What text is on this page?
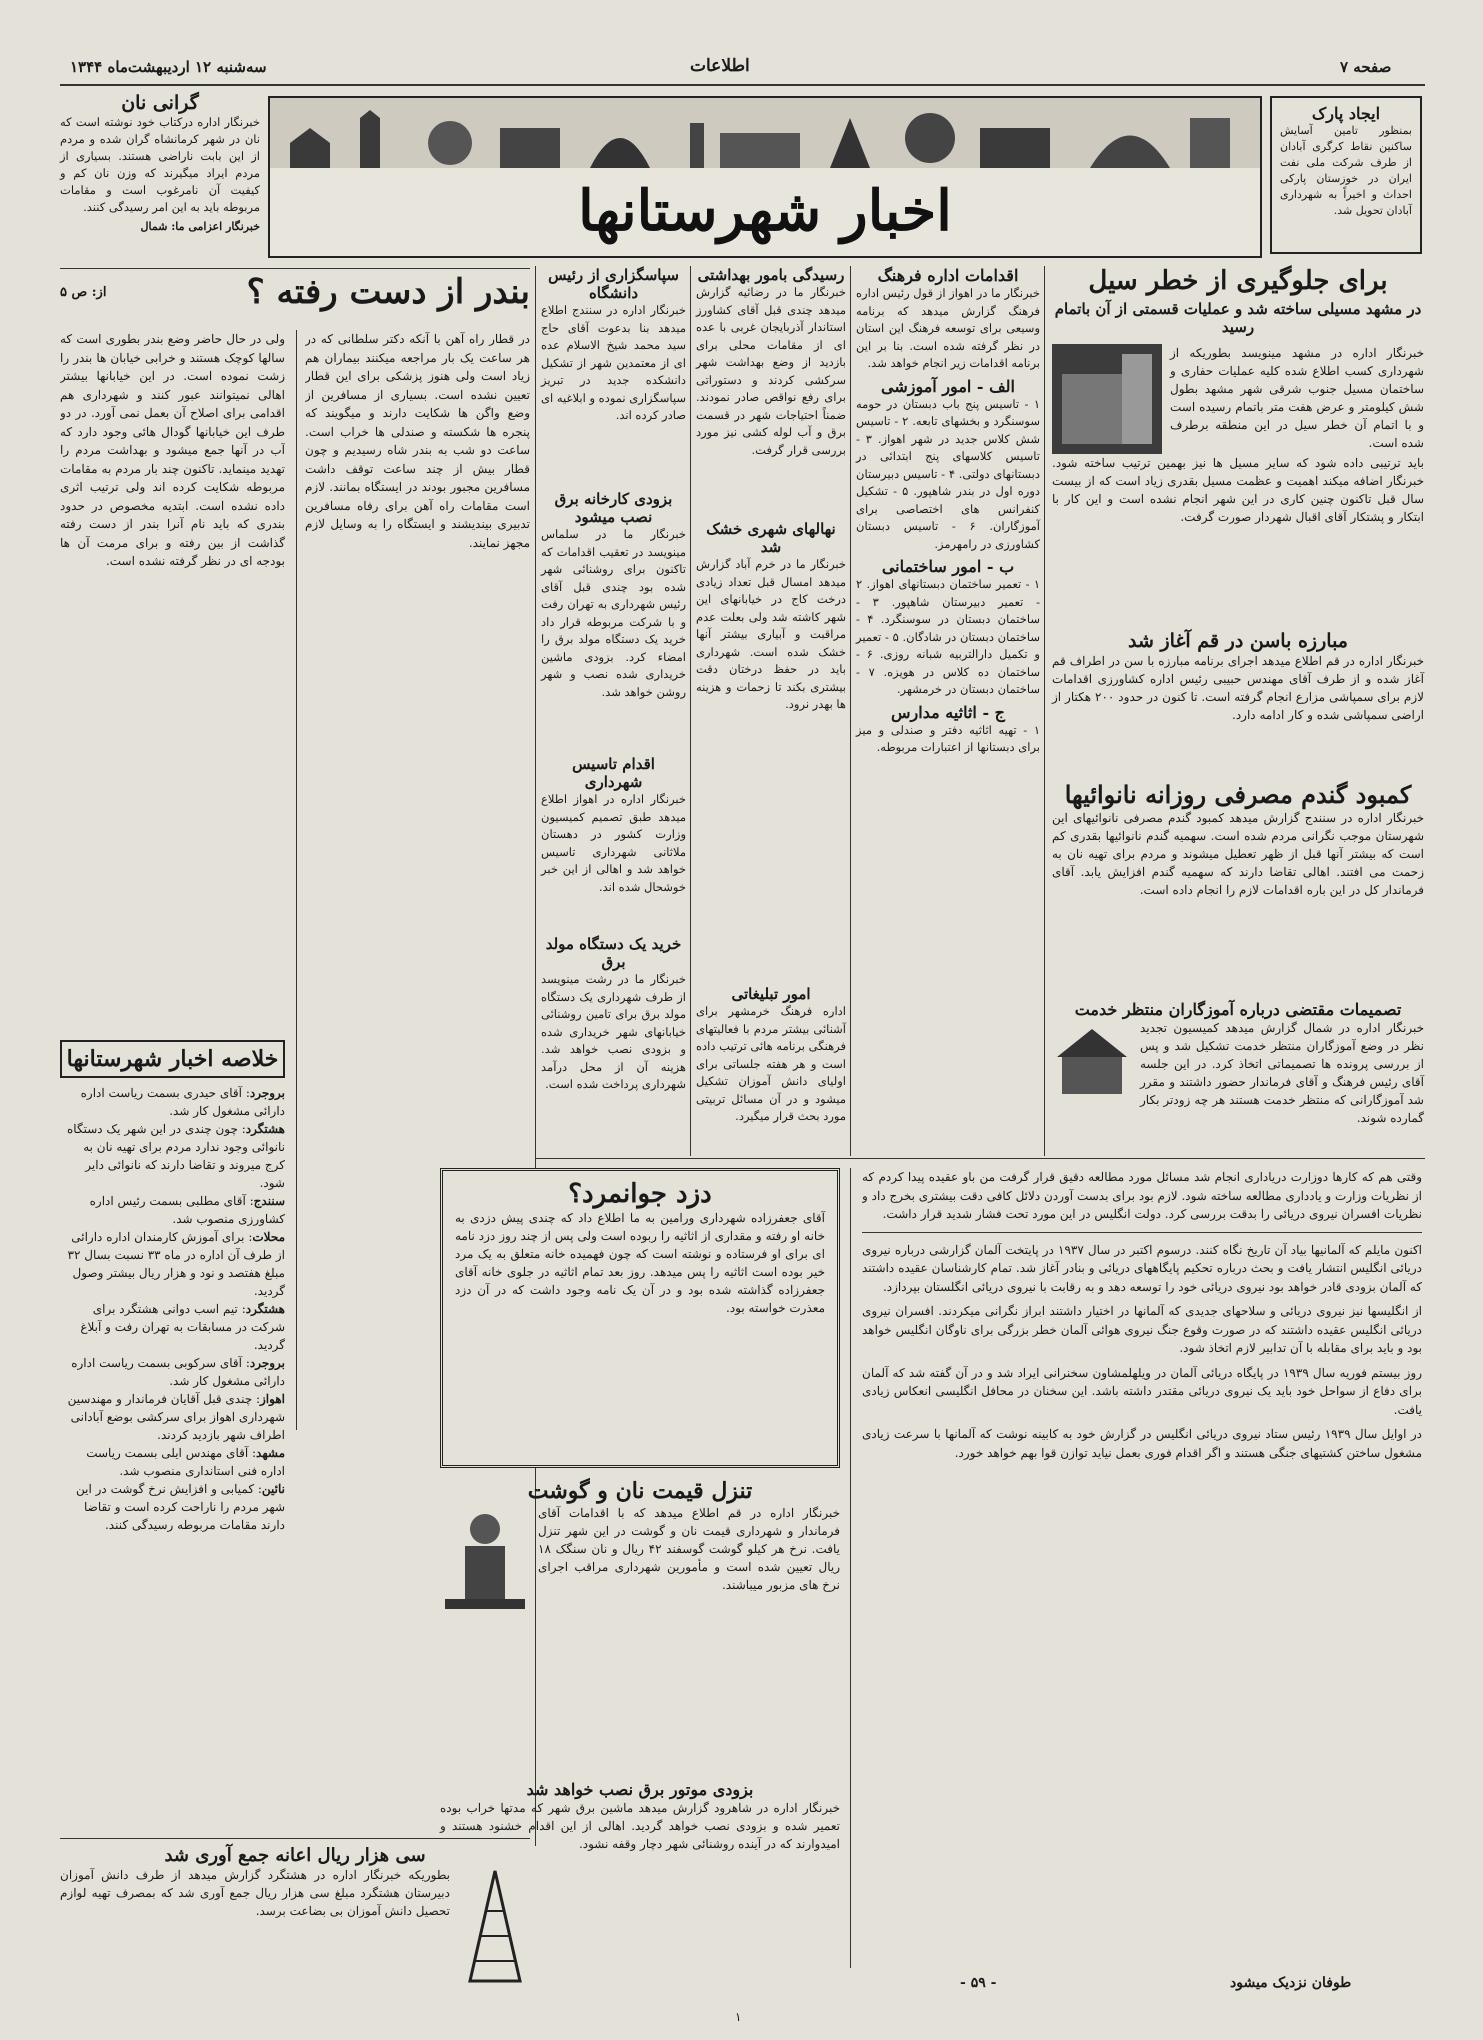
سه‌شنبه ۱۲ اردیبهشت‌ماه ۱۳۴۴	اطلاعات	صفحه ۷
ایجاد پارک
بمنظور تامین آسایش ساکنین نقاط کرگری آبادان از طرف شرکت ملی نفت ایران در خوزستان پارکی احداث و اخیراً به شهرداری آبادان تحویل شد.
اخبار شهرستانها
گرانی نان
خبرنگار اداره درکتاب خود نوشته است که نان در شهر کرمانشاه گران شده و مردم از این بابت ناراضی هستند. بسیاری از مردم ایراد میگیرند که وزن نان کم و کیفیت آن نامرغوب است و مقامات مربوطه باید به این امر رسیدگی کنند.
خبرنگار اعزامی ما: شمال
بندر از دست رفته ؟
از: ص ۵
ولی در حال حاضر وضع بندر بطوری است که سالها کوچک هستند و خرابی خیابان ها بندر را زشت نموده است. در این خیابانها بیشتر اهالی نمیتوانند عبور کنند و شهرداری هم اقدامی برای اصلاح آن بعمل نمی آورد. در دو طرف این خیابانها گودال هائی وجود دارد که آب در آنها جمع میشود و بهداشت مردم را تهدید مینماید. تاکنون چند بار مردم به مقامات مربوطه شکایت کرده اند ولی ترتیب اثری داده نشده است. ابتدیه مخصوص در حدود بندری که باید نام آنرا بندر از دست رفته گذاشت از بین رفته و برای مرمت آن ها بودجه ای در نظر گرفته نشده است.
در قطار راه آهن با آنکه دکتر سلطانی که در هر ساعت یک بار مراجعه میکنند بیماران هم زیاد است ولی هنوز پزشکی برای این قطار تعیین نشده است. بسیاری از مسافرین از وضع واگن ها شکایت دارند و میگویند که پنجره ها شکسته و صندلی ها خراب است. ساعت دو شب به بندر شاه رسیدیم و چون قطار بیش از چند ساعت توقف داشت مسافرین مجبور بودند در ایستگاه بمانند. لازم است مقامات راه آهن برای رفاه مسافرین تدبیری بیندیشند و ایستگاه را به وسایل لازم مجهز نمایند.
خلاصه اخبار شهرستانها
بروجرد: آقای حیدری بسمت ریاست اداره دارائی مشغول کار شد.
هشتگرد: چون چندی در این شهر یک دستگاه نانوائی وجود ندارد مردم برای تهیه نان به کرج میروند و تقاضا دارند که نانوائی دایر شود.
سنندج: آقای مطلبی بسمت رئیس اداره کشاورزی منصوب شد.
محلات: برای آموزش کارمندان اداره دارائی از طرف آن اداره در ماه ۳۳ نسبت بسال ۳۲ مبلغ هفتصد و نود و هزار ریال بیشتر وصول گردید.
هشتگرد: تیم اسب دوانی هشتگرد برای شرکت در مسابقات به تهران رفت و آبلاغ گردید.
بروجرد: آقای سرکوبی بسمت ریاست اداره دارائی مشغول کار شد.
اهواز: چندی قبل آقایان فرماندار و مهندسین شهرداری اهواز برای سرکشی بوضع آبادانی اطراف شهر بازدید کردند.
مشهد: آقای مهندس ایلی بسمت ریاست اداره فنی استانداری منصوب شد.
نائین: کمیابی و افزایش نرخ گوشت در این شهر مردم را ناراحت کرده است و تقاضا دارند مقامات مربوطه رسیدگی کنند.
سی هزار ریال اعانه جمع آوری شد
بطوریکه خبرنگار اداره در هشتگرد گزارش میدهد از طرف دانش آموزان دبیرستان هشتگرد مبلغ سی هزار ریال جمع آوری شد که بمصرف تهیه لوازم تحصیل دانش آموزان بی بضاعت برسد.
برای جلوگیری از خطر سیل
در مشهد مسیلی ساخته شد و عملیات قسمتی از آن باتمام رسید
خبرنگار اداره در مشهد مینویسد بطوریکه از شهرداری کسب اطلاع شده کلیه عملیات حفاری و ساختمان مسیل جنوب شرقی شهر مشهد بطول شش کیلومتر و عرض هفت متر باتمام رسیده است و با اتمام آن خطر سیل در این منطقه برطرف شده است.
باید ترتیبی داده شود که سایر مسیل ها نیز بهمین ترتیب ساخته شود. خبرنگار اضافه میکند اهمیت و عظمت مسیل بقدری زیاد است که از بیست سال قبل تاکنون چنین کاری در این شهر انجام نشده است و این کار با ابتکار و پشتکار آقای اقبال شهردار صورت گرفت.
مبارزه باسن در قم آغاز شد
خبرنگار اداره در قم اطلاع میدهد اجرای برنامه مبارزه با سن در اطراف قم آغاز شده و از طرف آقای مهندس حبیبی رئیس اداره کشاورزی اقدامات لازم برای سمپاشی مزارع انجام گرفته است. تا کنون در حدود ۲۰۰ هکتار از اراضی سمپاشی شده و کار ادامه دارد.
کمبود گندم مصرفی روزانه نانوائیها
خبرنگار اداره در سنندج گزارش میدهد کمبود گندم مصرفی نانوائیهای این شهرستان موجب نگرانی مردم شده است. سهمیه گندم نانوائیها بقدری کم است که بیشتر آنها قبل از ظهر تعطیل میشوند و مردم برای تهیه نان به زحمت می افتند. اهالی تقاضا دارند که سهمیه گندم افزایش یابد. آقای فرماندار کل در این باره اقدامات لازم را انجام داده است.
تصمیمات مقتضی درباره آموزگاران منتظر خدمت
خبرنگار اداره در شمال گزارش میدهد کمیسیون تجدید نظر در وضع آموزگاران منتظر خدمت تشکیل شد و پس از بررسی پرونده ها تصمیماتی اتخاذ کرد. در این جلسه آقای رئیس فرهنگ و آقای فرماندار حضور داشتند و مقرر شد آموزگارانی که منتظر خدمت هستند هر چه زودتر بکار گمارده شوند.
اقدامات اداره فرهنگ
خبرنگار ما در اهواز از قول رئیس اداره فرهنگ گزارش میدهد که برنامه وسیعی برای توسعه فرهنگ این استان در نظر گرفته شده است. بنا بر این برنامه اقدامات زیر انجام خواهد شد.
الف - امور آموزشی
۱ - تاسیس پنج باب دبستان در حومه سوسنگرد و بخشهای تابعه. ۲ - تاسیس شش کلاس جدید در شهر اهواز. ۳ - تاسیس کلاسهای پنج ابتدائی در دبستانهای دولتی. ۴ - تاسیس دبیرستان دوره اول در بندر شاهپور. ۵ - تشکیل کنفرانس های اختصاصی برای آموزگاران. ۶ - تاسیس دبستان کشاورزی در رامهرمز.
ب - امور ساختمانی
۱ - تعمیر ساختمان دبستانهای اهواز. ۲ - تعمیر دبیرستان شاهپور. ۳ - ساختمان دبستان در سوسنگرد. ۴ - ساختمان دبستان در شادگان. ۵ - تعمیر و تکمیل دارالتربیه شبانه روزی. ۶ - ساختمان ده کلاس در هویزه. ۷ - ساختمان دبستان در خرمشهر.
ج - اثاثیه مدارس
۱ - تهیه اثاثیه دفتر و صندلی و میز برای دبستانها از اعتبارات مربوطه.
رسیدگی بامور بهداشتی
خبرنگار ما در رضائیه گزارش میدهد چندی قبل آقای کشاورز استاندار آذربایجان غربی با عده ای از مقامات محلی برای بازدید از وضع بهداشت شهر سرکشی کردند و دستوراتی برای رفع نواقص صادر نمودند. ضمناً احتیاجات شهر در قسمت برق و آب لوله کشی نیز مورد بررسی قرار گرفت.
نهالهای شهری خشک شد
خبرنگار ما در خرم آباد گزارش میدهد امسال قبل تعداد زیادی درخت کاج در خیابانهای این شهر کاشته شد ولی بعلت عدم مراقبت و آبیاری بیشتر آنها خشک شده است. شهرداری باید در حفظ درختان دقت بیشتری بکند تا زحمات و هزینه ها بهدر نرود.
امور تبلیغاتی
اداره فرهنگ خرمشهر برای آشنائی بیشتر مردم با فعالیتهای فرهنگی برنامه هائی ترتیب داده است و هر هفته جلساتی برای اولیای دانش آموزان تشکیل میشود و در آن مسائل تربیتی مورد بحث قرار میگیرد.
سپاسگزاری از رئیس دانشگاه
خبرنگار اداره در سنندج اطلاع میدهد بنا بدعوت آقای حاج سید محمد شیخ الاسلام عده ای از معتمدین شهر از تشکیل دانشکده جدید در تبریز سپاسگزاری نموده و ابلاغیه ای صادر کرده اند.
بزودی کارخانه برق نصب میشود
خبرنگار ما در سلماس مینویسد در تعقیب اقدامات که تاکنون برای روشنائی شهر شده بود چندی قبل آقای رئیس شهرداری به تهران رفت و با شرکت مربوطه قرار داد خرید یک دستگاه مولد برق را امضاء کرد. بزودی ماشین خریداری شده نصب و شهر روشن خواهد شد.
اقدام تاسیس شهرداری
خبرنگار اداره در اهواز اطلاع میدهد طبق تصمیم کمیسیون وزارت کشور در دهستان ملاثانی شهرداری تاسیس خواهد شد و اهالی از این خبر خوشحال شده اند.
خرید یک دستگاه مولد برق
خبرنگار ما در رشت مینویسد از طرف شهرداری یک دستگاه مولد برق برای تامین روشنائی خیابانهای شهر خریداری شده و بزودی نصب خواهد شد. هزینه آن از محل درآمد شهرداری پرداخت شده است.
دزد جوانمرد؟
آقای جعفرزاده شهرداری ورامین به ما اطلاع داد که چندی پیش دزدی به خانه او رفته و مقداری از اثاثیه را ربوده است ولی پس از چند روز دزد نامه ای برای او فرستاده و نوشته است که چون فهمیده خانه متعلق به یک مرد خیر بوده است اثاثیه را پس میدهد. روز بعد تمام اثاثیه در جلوی خانه آقای جعفرزاده گذاشته شده بود و در آن یک نامه وجود داشت که در آن دزد معذرت خواسته بود.
تنزل قیمت نان و گوشت
خبرنگار اداره در قم اطلاع میدهد که با اقدامات آقای فرماندار و شهرداری قیمت نان و گوشت در این شهر تنزل یافت. نرخ هر کیلو گوشت گوسفند ۴۲ ریال و نان سنگک ۱۸ ریال تعیین شده است و مأمورین شهرداری مراقب اجرای نرخ های مزبور میباشند.
بزودی موتور برق نصب خواهد شد
خبرنگار اداره در شاهرود گزارش میدهد ماشین برق شهر که مدتها خراب بوده تعمیر شده و بزودی نصب خواهد گردید. اهالی از این اقدام خشنود هستند و امیدوارند که در آینده روشنائی شهر دچار وقفه نشود.
وقتی هم که کارها دوزارت دریاداری انجام شد مسائل مورد مطالعه دقیق قرار گرفت من باو عقیده پیدا کردم که از نظریات وزارت و یادداری مطالعه ساخته شود. لازم بود برای بدست آوردن دلائل کافی دقت بیشتری بخرج داد و نظریات افسران نیروی دریائی را بدقت بررسی کرد. دولت انگلیس در این مورد تحت فشار شدید قرار داشت.
اکنون مایلم که آلمانیها بیاد آن تاریخ نگاه کنند. درسوم اکتبر در سال ۱۹۳۷ در پایتخت آلمان گزارشی درباره نیروی دریائی انگلیس انتشار یافت و بحث درباره تحکیم پایگاههای دریائی و بنادر آغاز شد. تمام کارشناسان عقیده داشتند که آلمان بزودی قادر خواهد بود نیروی دریائی خود را توسعه دهد و به رقابت با نیروی دریائی انگلستان بپردازد.
از انگلیسها نیز نیروی دریائی و سلاحهای جدیدی که آلمانها در اختیار داشتند ابراز نگرانی میکردند. افسران نیروی دریائی انگلیس عقیده داشتند که در صورت وقوع جنگ نیروی هوائی آلمان خطر بزرگی برای ناوگان انگلیس خواهد بود و باید برای مقابله با آن تدابیر لازم اتخاذ شود.
روز بیستم فوریه سال ۱۹۳۹ در پایگاه دریائی آلمان در ویلهلمشاون سخنرانی ایراد شد و در آن گفته شد که آلمان برای دفاع از سواحل خود باید یک نیروی دریائی مقتدر داشته باشد. این سخنان در محافل انگلیسی انعکاس زیادی یافت.
در اوایل سال ۱۹۳۹ رئیس ستاد نیروی دریائی انگلیس در گزارش خود به کابینه نوشت که آلمانها با سرعت زیادی مشغول ساختن کشتیهای جنگی هستند و اگر اقدام فوری بعمل نیاید توازن قوا بهم خواهد خورد.
طوفان نزدیک میشود
- ۵۹ -
۱
